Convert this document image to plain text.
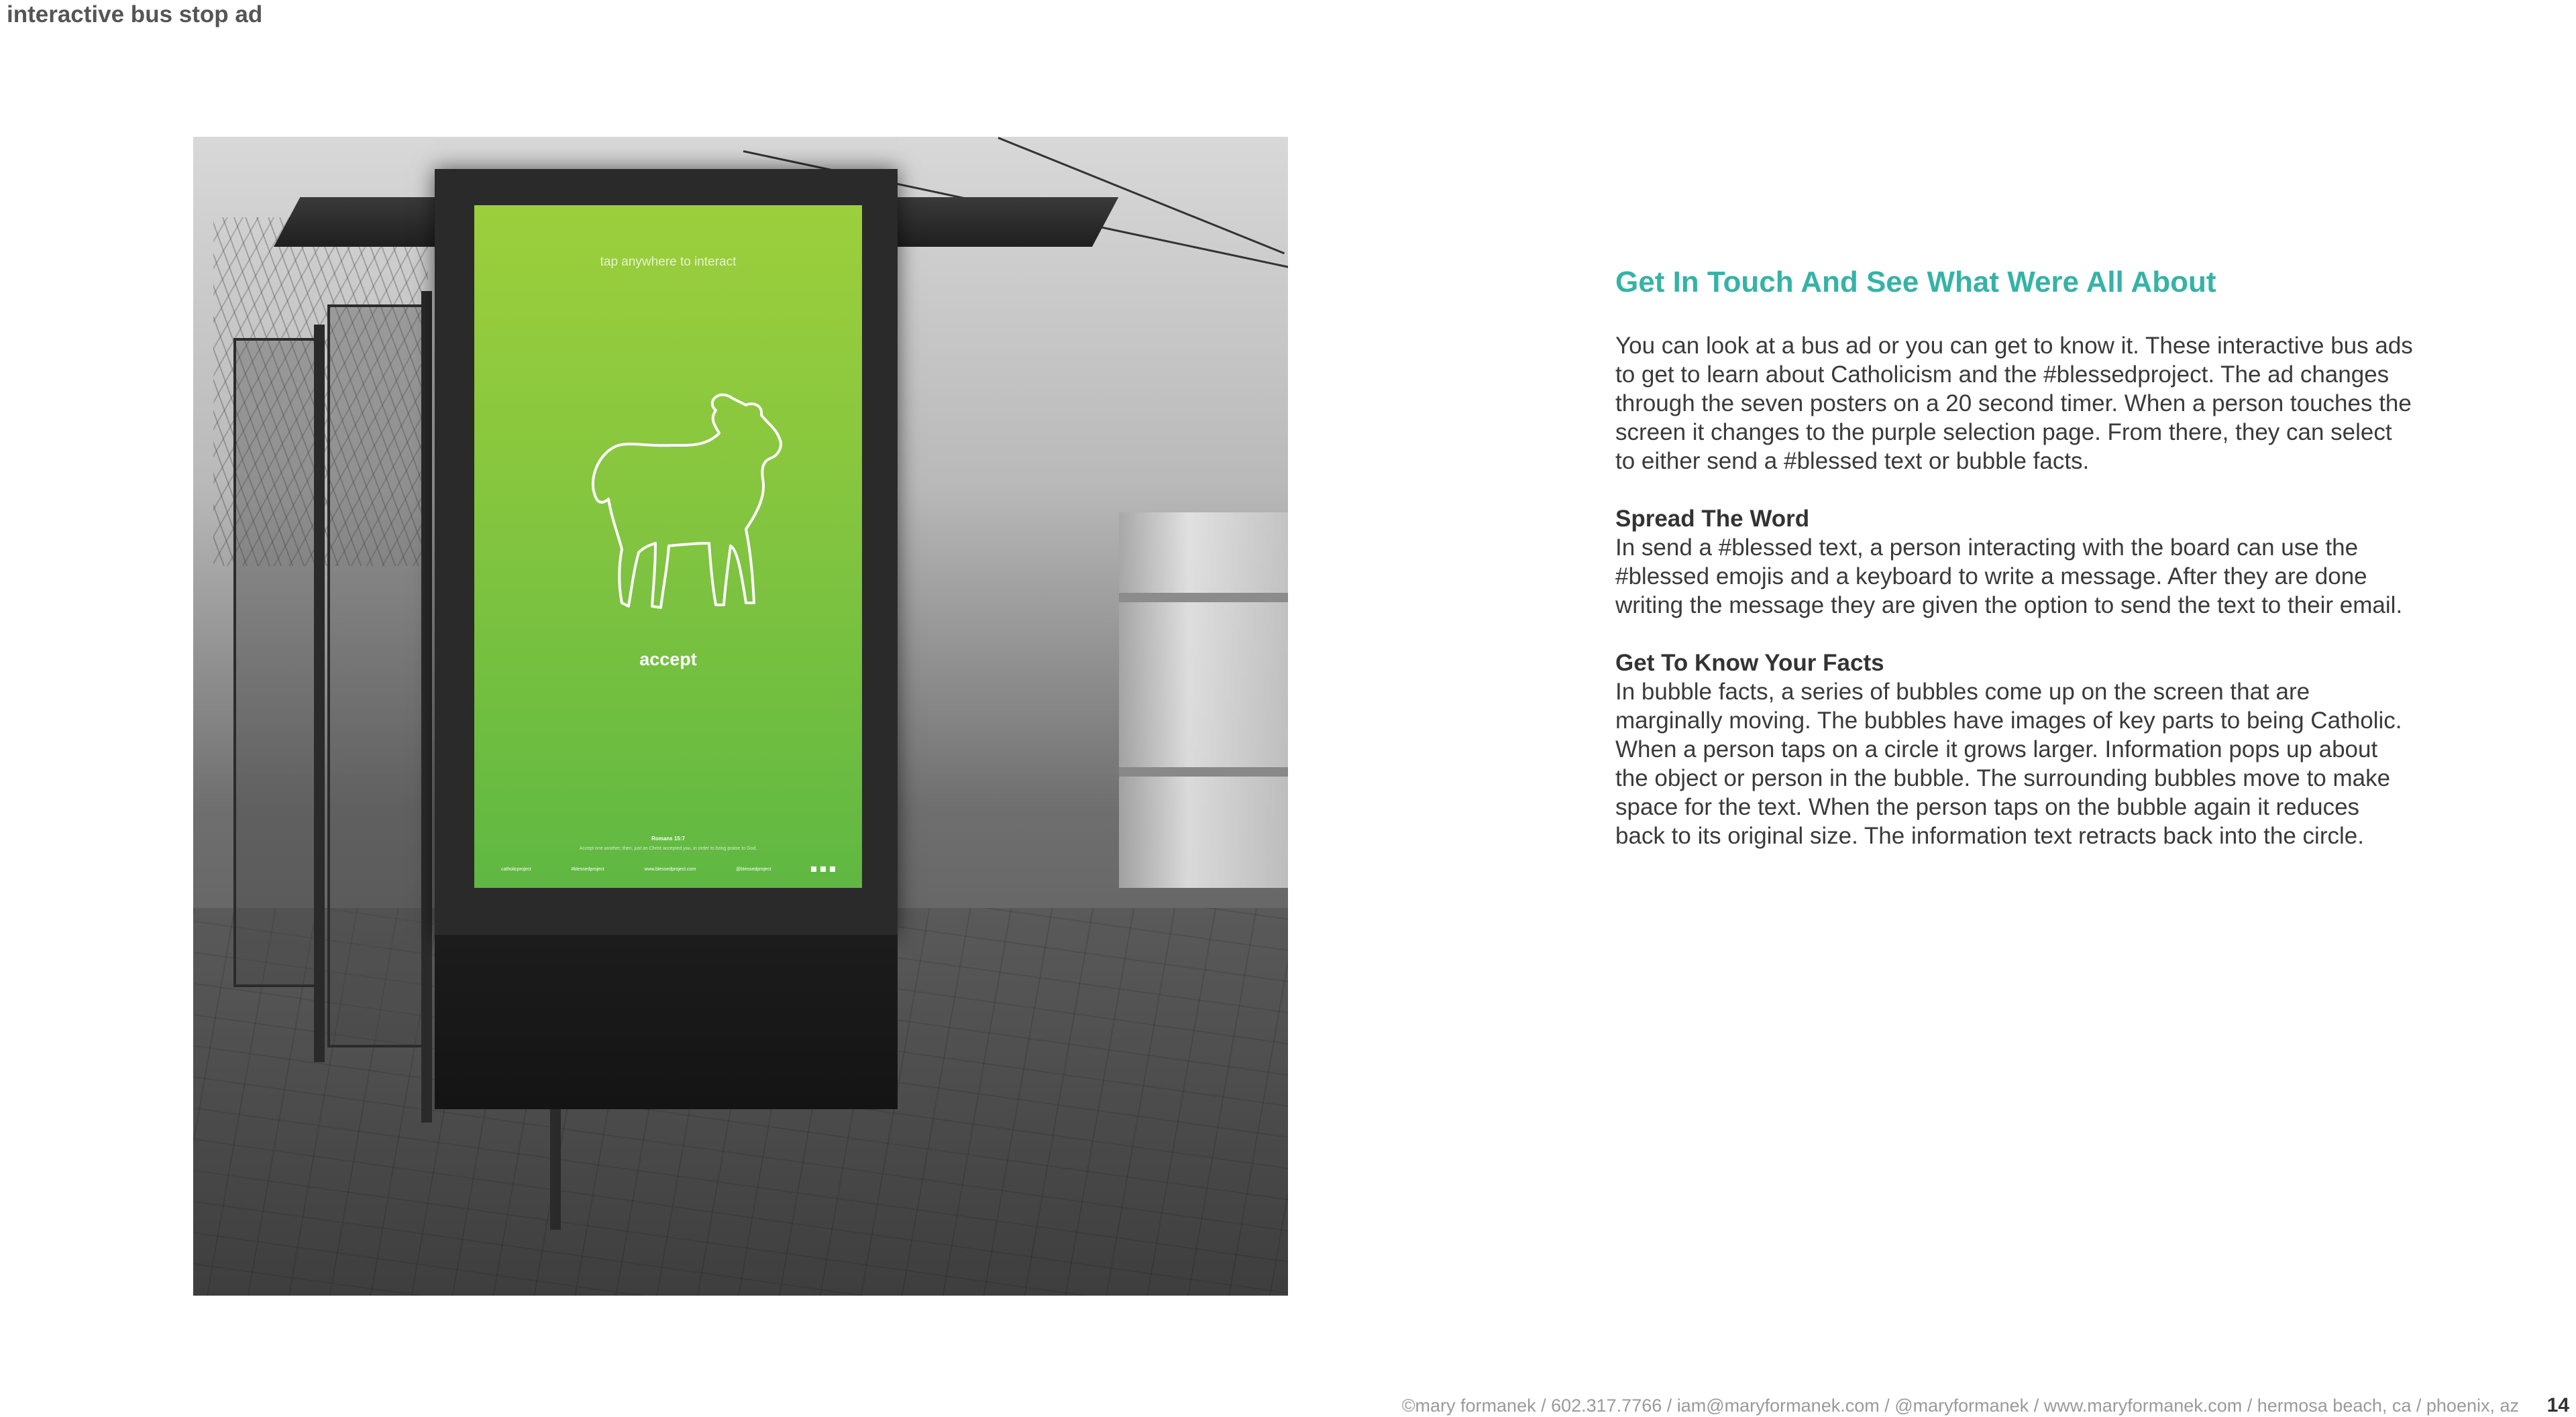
interactive bus stop ad
tap anywhere to interact
accept
Romans 15:7
Accept one another, then, just as Christ accepted you, in order to bring praise to God.
catholicproject	#blessedproject	www.blessedproject.com	@blessedproject
Get In Touch And See What Were All About

You can look at a bus ad or you can get to know it. These interactive bus ads to get to learn about Catholicism and the #blessedproject. The ad changes through the seven posters on a 20 second timer. When a person touches the screen it changes to the purple selection page. From there, they can select to either send a #blessed text or bubble facts.

Spread The Word

In send a #blessed text, a person interacting with the board can use the #blessed emojis and a keyboard to write a message. After they are done writing the message they are given the option to send the text to their email.

Get To Know Your Facts

In bubble facts, a series of bubbles come up on the screen that are marginally moving. The bubbles have images of key parts to being Catholic. When a person taps on a circle it grows larger. Information pops up about the object or person in the bubble. The surrounding bubbles move to make space for the text. When the person taps on the bubble again it reduces back to its original size. The information text retracts back into the circle.

©mary formanek / 602.317.7766 / iam@maryformanek.com / @maryformanek / www.maryformanek.com / hermosa beach, ca / phoenix, az 14
